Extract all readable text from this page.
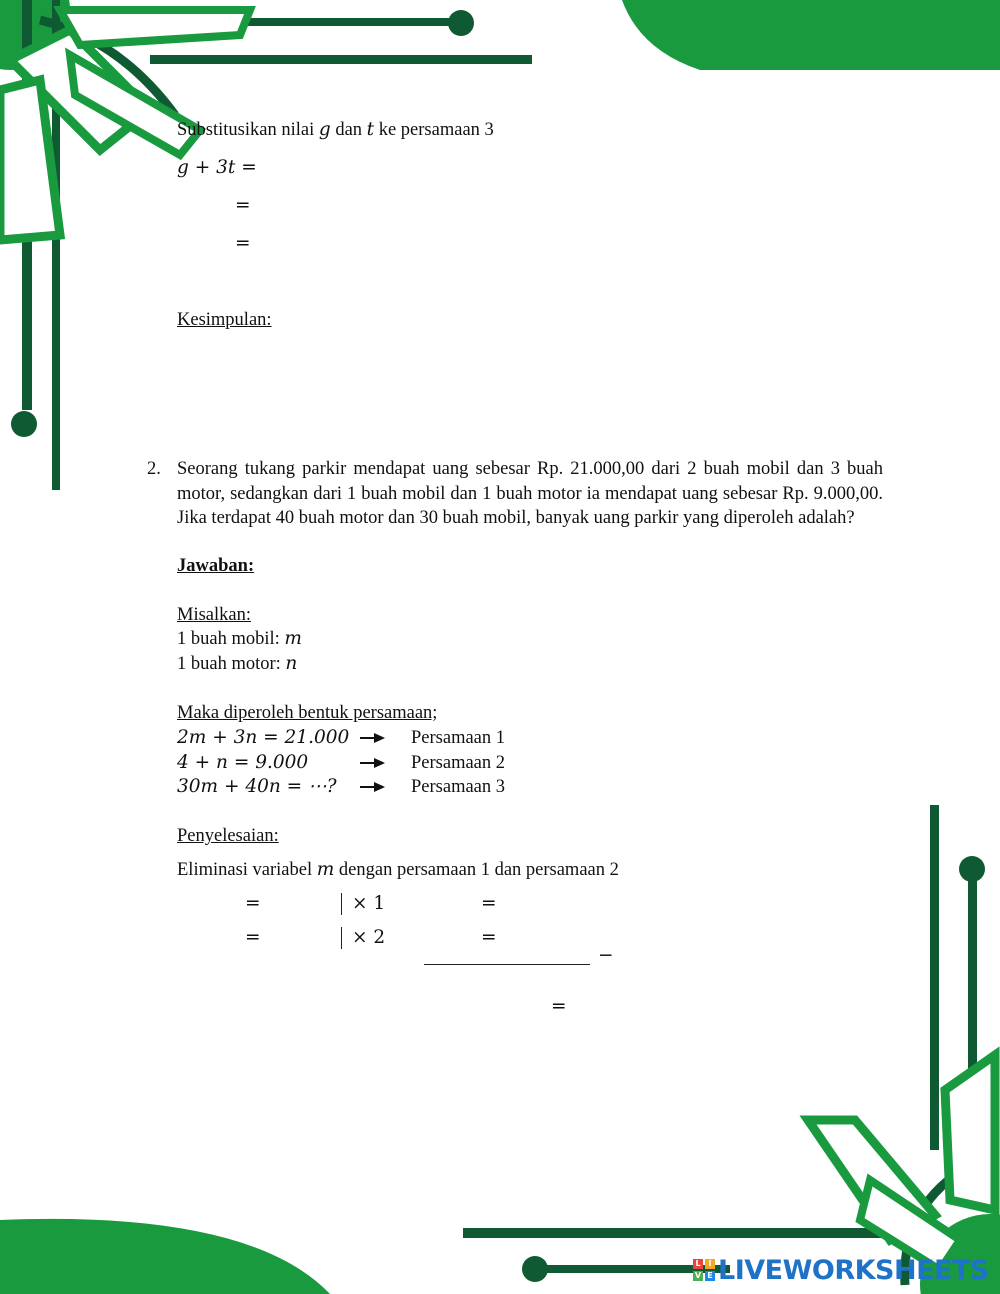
Substitusikan nilai g dan t ke persamaan 3
g + 3t =
=
=
Kesimpulan:
2. Seorang tukang parkir mendapat uang sebesar Rp. 21.000,00 dari 2 buah mobil dan 3 buah motor, sedangkan dari 1 buah mobil dan 1 buah motor ia mendapat uang sebesar Rp. 9.000,00. Jika terdapat 40 buah motor dan 30 buah mobil, banyak uang parkir yang diperoleh adalah?
Jawaban:
Misalkan:
1 buah mobil: m
1 buah motor: n
Maka diperoleh bentuk persamaan;
2m + 3n = 21.000	Persamaan 1
4 + n = 9.000	Persamaan 2
30m + 40n = ⋯?	Persamaan 3
Penyelesaian:
Eliminasi variabel m dengan persamaan 1 dan persamaan 2
=	× 1	=
=	× 2	=
−
=
L I
V E LIVEWORKSHEETS
